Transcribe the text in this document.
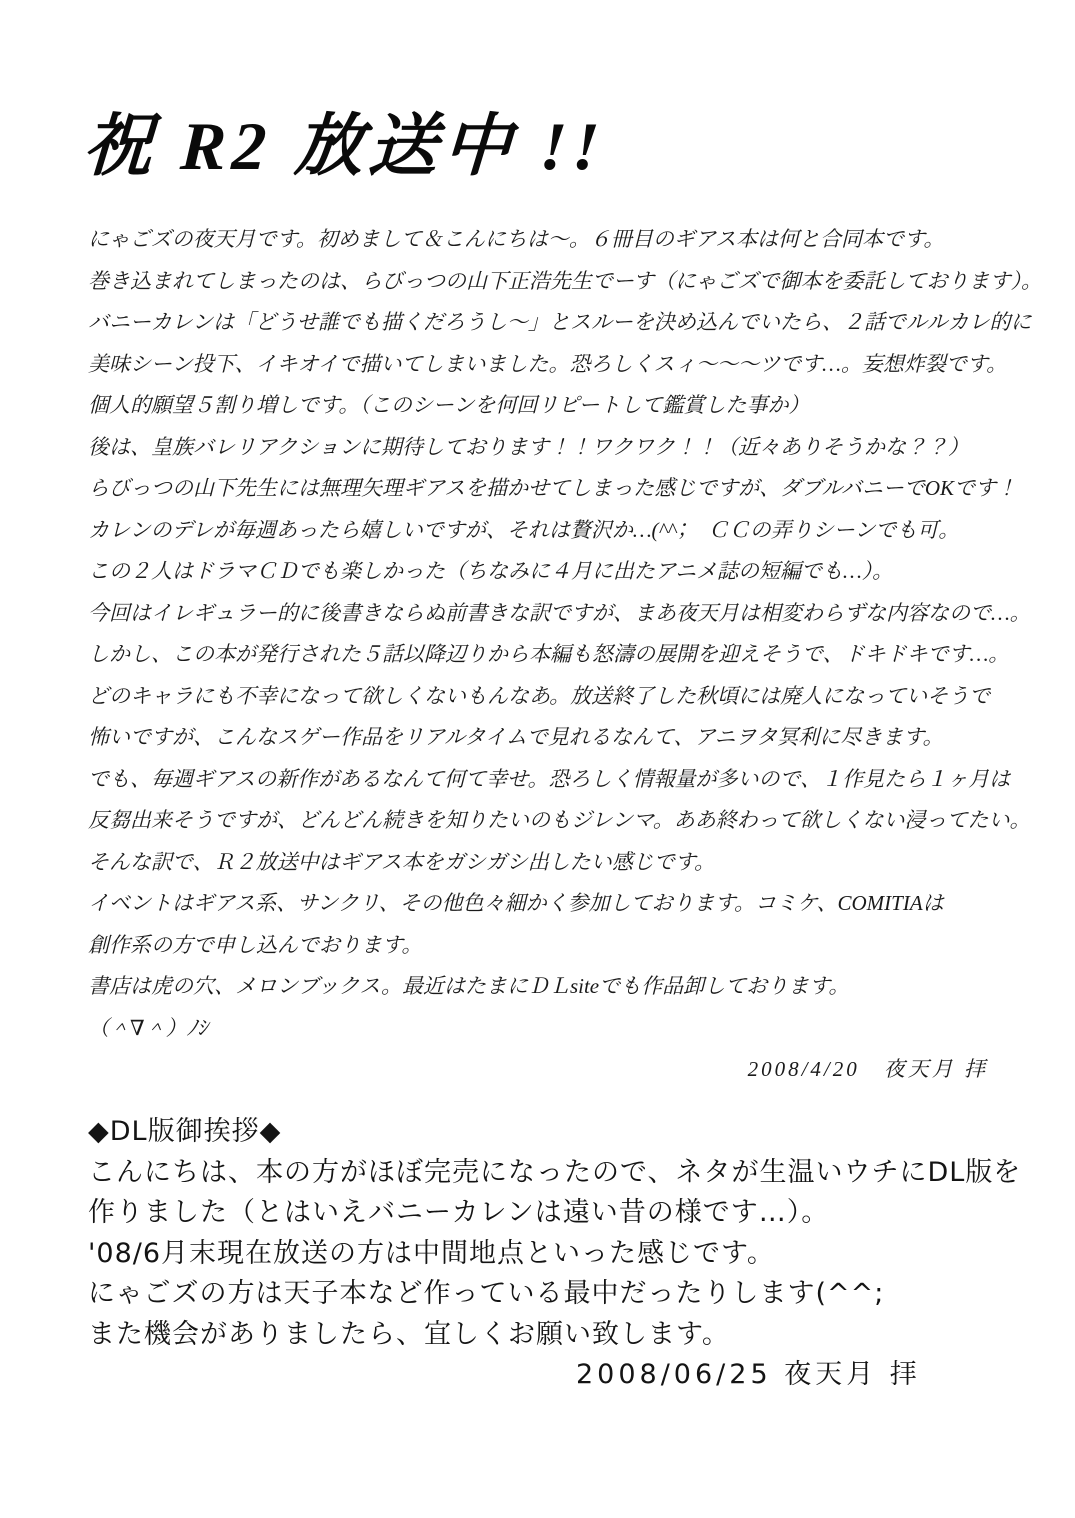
祝 R2 放送中 !!
にゃごズの夜天月です。初めまして＆こんにちは～。６冊目のギアス本は何と合同本です。
巻き込まれてしまったのは、らびっつの山下正浩先生でーす（にゃごズで御本を委託しております）。
バニーカレンは「どうせ誰でも描くだろうし～」とスルーを決め込んでいたら、２話でルルカレ的に
美味シーン投下、イキオイで描いてしまいました。恐ろしくスィ～～～ツです…。妄想炸裂です。
個人的願望５割り増しです。（このシーンを何回リピートして鑑賞した事か）
後は、皇族バレリアクションに期待しております！！ワクワク！！（近々ありそうかな？？）
らびっつの山下先生には無理矢理ギアスを描かせてしまった感じですが、ダブルバニーでOKです！
カレンのデレが毎週あったら嬉しいですが、それは贅沢か…(^^；　ＣＣの弄りシーンでも可。
この２人はドラマＣＤでも楽しかった（ちなみに４月に出たアニメ誌の短編でも…）。
今回はイレギュラー的に後書きならぬ前書きな訳ですが、まあ夜天月は相変わらずな内容なので…。
しかし、この本が発行された５話以降辺りから本編も怒濤の展開を迎えそうで、ドキドキです…。
どのキャラにも不幸になって欲しくないもんなあ。放送終了した秋頃には廃人になっていそうで
怖いですが、こんなスゲー作品をリアルタイムで見れるなんて、アニヲタ冥利に尽きます。
でも、毎週ギアスの新作があるなんて何て幸せ。恐ろしく情報量が多いので、１作見たら１ヶ月は
反芻出来そうですが、どんどん続きを知りたいのもジレンマ。ああ終わって欲しくない浸ってたい。
そんな訳で、Ｒ２放送中はギアス本をガシガシ出したい感じです。
イベントはギアス系、サンクリ、その他色々細かく参加しております。コミケ、COMITIAは
創作系の方で申し込んでおります。
書店は虎の穴、メロンブックス。最近はたまにＤＬsiteでも作品卸しております。
（＾∇＾）ﾉｼ
2008/4/20　夜天月 拝
◆DL版御挨拶◆
こんにちは、本の方がほぼ完売になったので、ネタが生温いウチにDL版を
作りました（とはいえバニーカレンは遠い昔の様です…）。
'08/6月末現在放送の方は中間地点といった感じです。
にゃごズの方は天子本など作っている最中だったりします(^^;
また機会がありましたら、宜しくお願い致します。
2008/06/25 夜天月 拝
